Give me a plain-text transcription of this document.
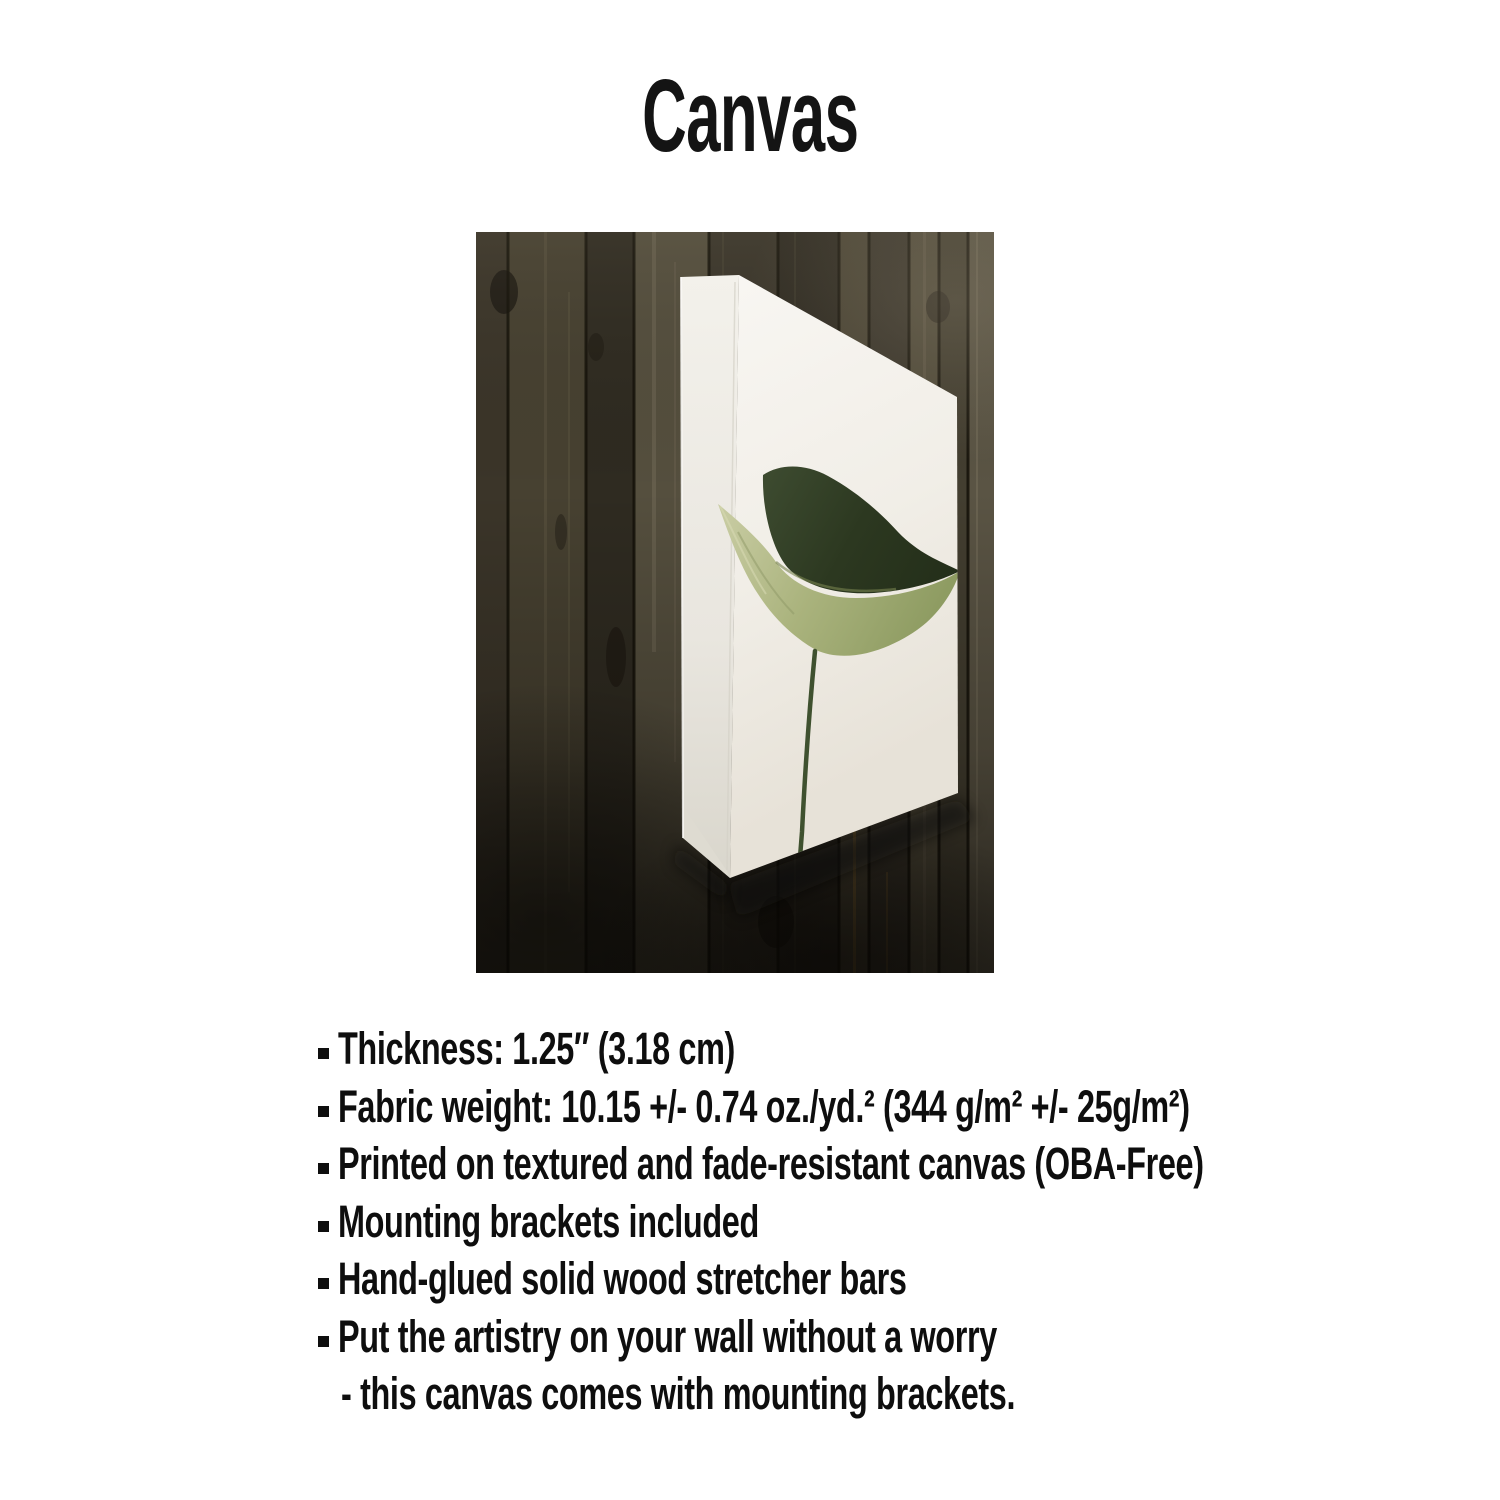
Canvas
Thickness: 1.25″ (3.18 cm)
Fabric weight: 10.15 +/- 0.74 oz./yd.² (344 g/m² +/- 25g/m²)
Printed on textured and fade-resistant canvas (OBA-Free)
Mounting brackets included
Hand-glued solid wood stretcher bars
Put the artistry on your wall without a worry
- this canvas comes with mounting brackets.
